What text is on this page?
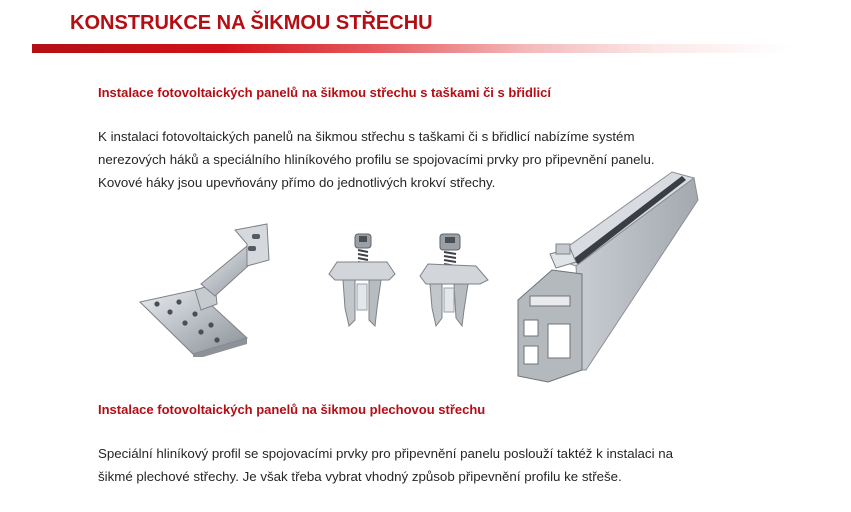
KONSTRUKCE NA ŠIKMOU STŘECHU
Instalace fotovoltaických panelů na šikmou střechu s taškami či s břidlicí
K instalaci fotovoltaických panelů na šikmou střechu s taškami či s břidlicí nabízíme systém
nerezových háků a speciálního hliníkového profilu se spojovacími prvky pro připevnění panelu.
Kovové háky jsou upevňovány přímo do jednotlivých krokví střechy.
Instalace fotovoltaických panelů na šikmou plechovou střechu
Speciální hliníkový profil se spojovacími prvky pro připevnění panelu poslouží taktéž k instalaci na
šikmé plechové střechy. Je však třeba vybrat vhodný způsob připevnění profilu ke střeše.
